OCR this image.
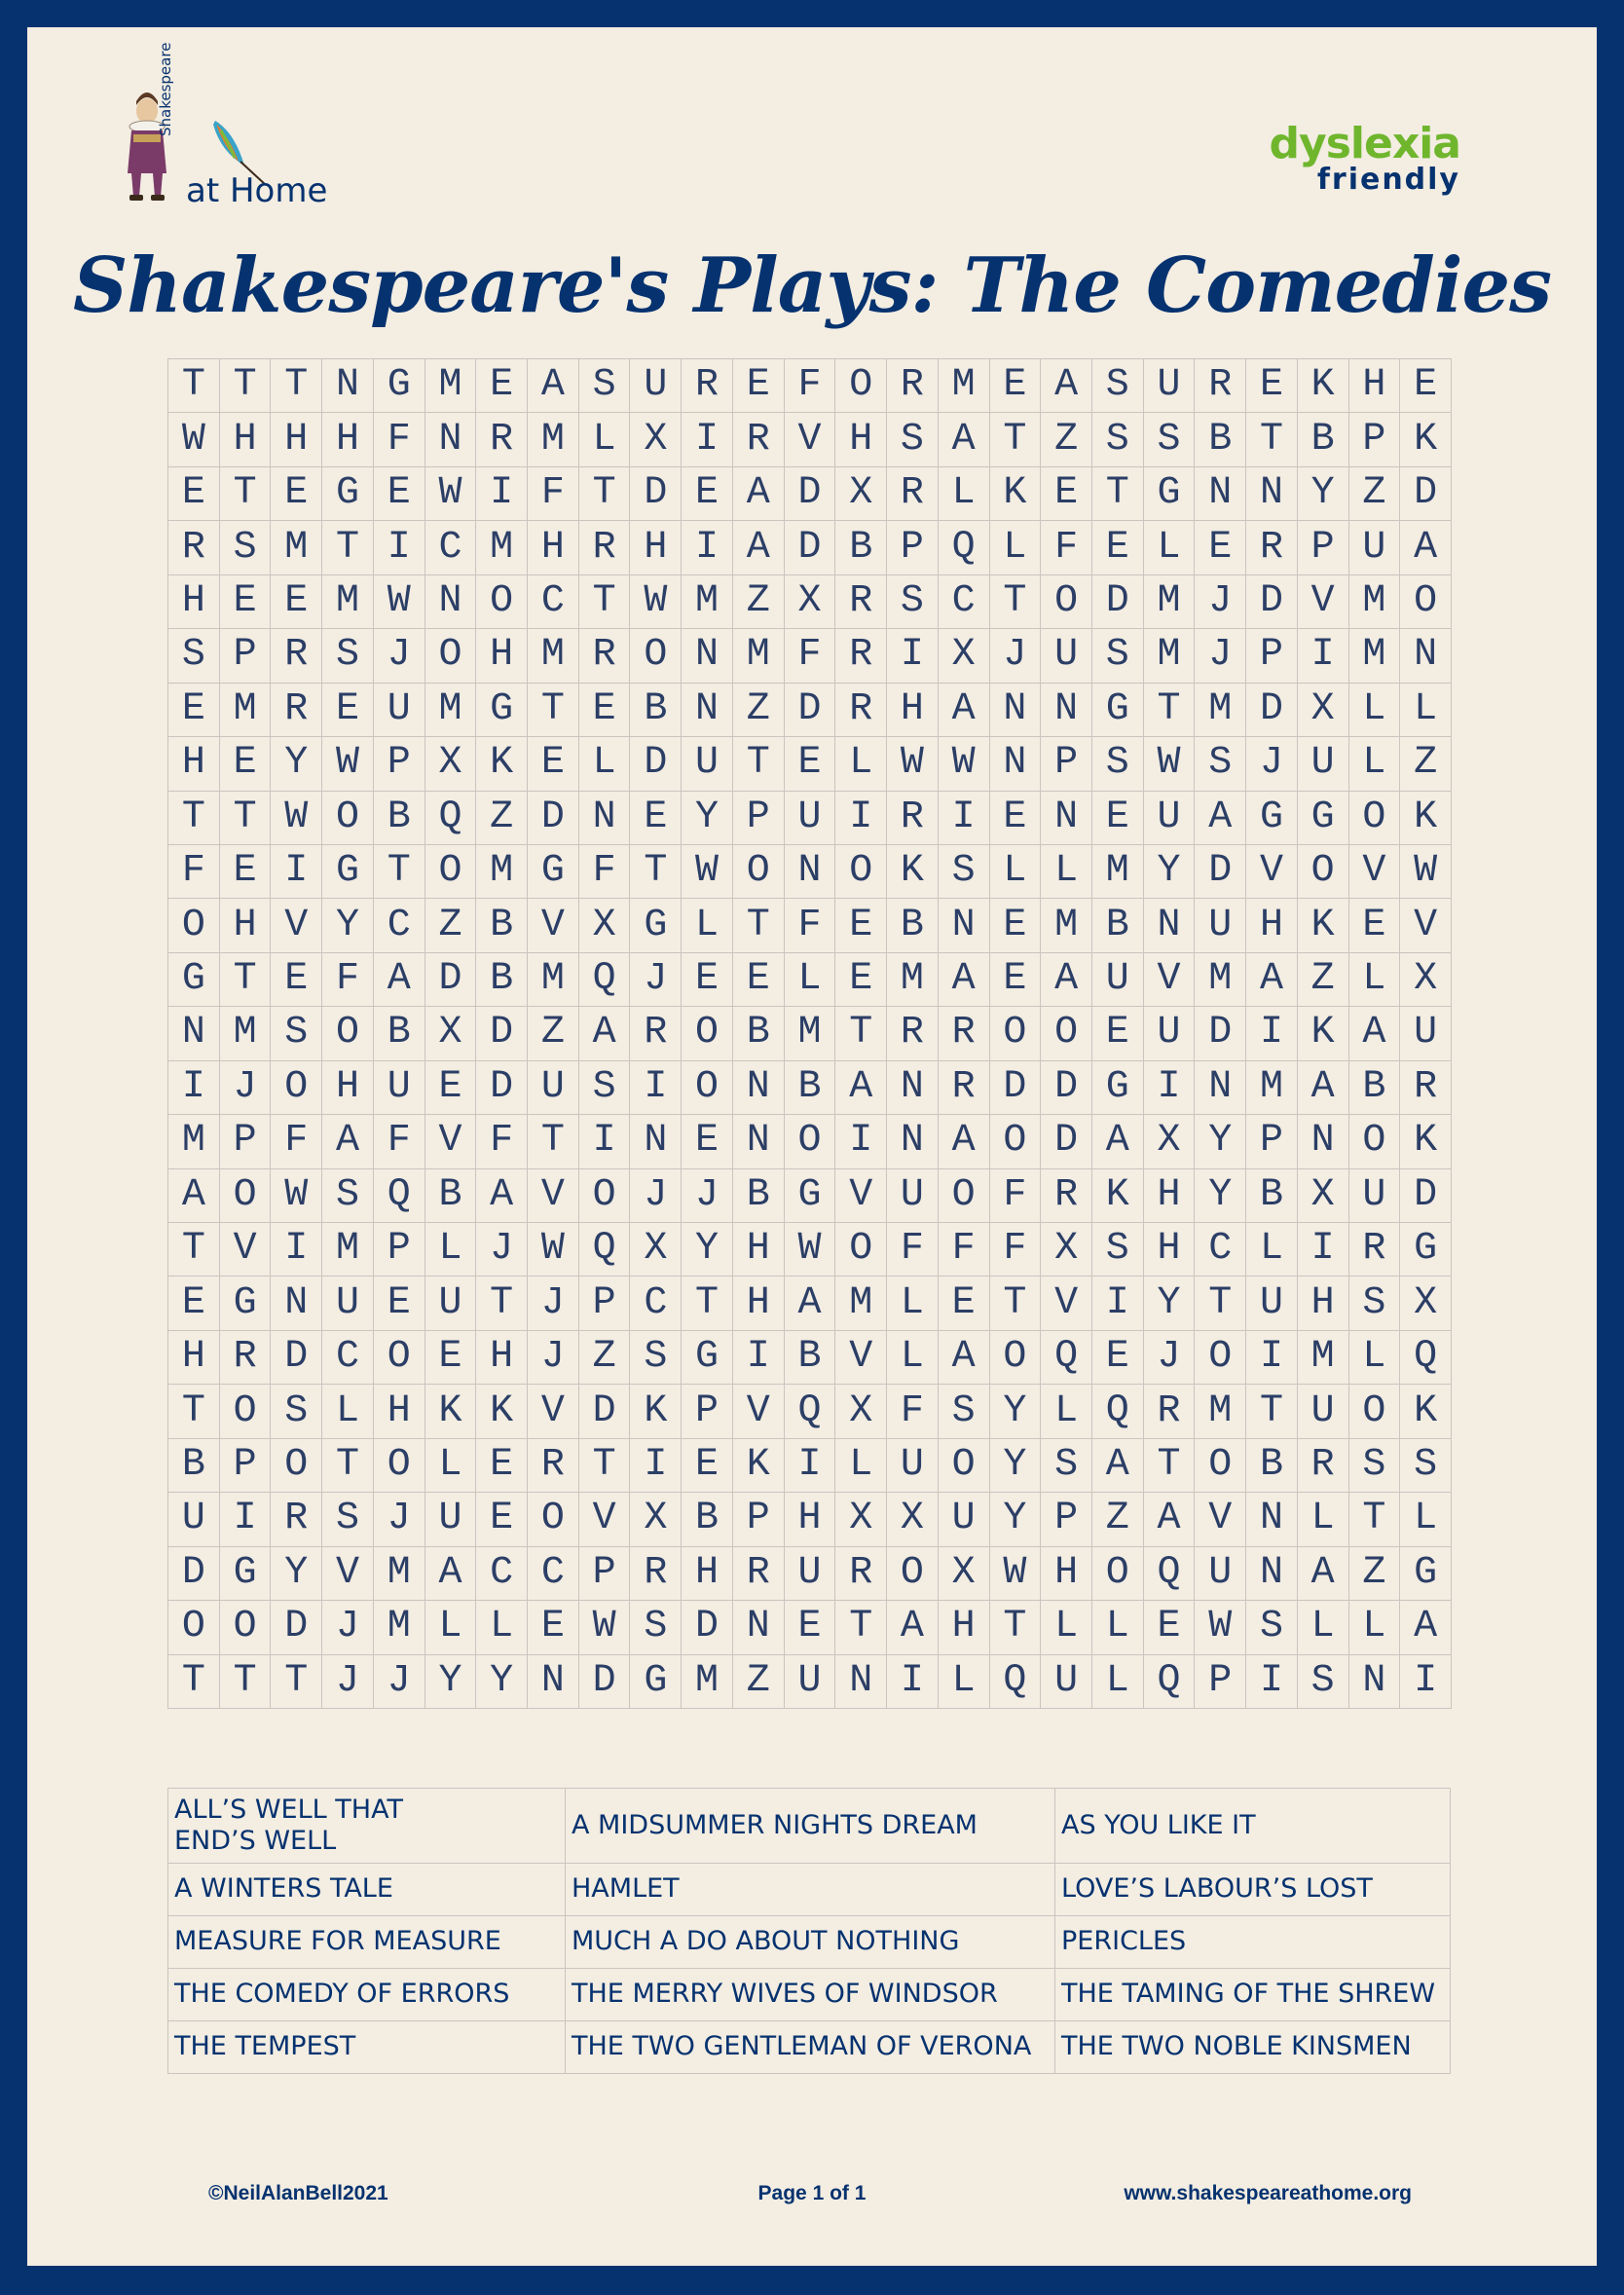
Shakespeare
at Home
dyslexia
friendly
Shakespeare's Plays: The Comedies
T T T N G M E A S U R E F O R M E A S U R E K H E
W H H H F N R M L X I R V H S A T Z S S B T B P K
E T E G E W I F T D E A D X R L K E T G N N Y Z D
R S M T I C M H R H I A D B P Q L F E L E R P U A
H E E M W N O C T W M Z X R S C T O D M J D V M O
S P R S J O H M R O N M F R I X J U S M J P I M N
E M R E U M G T E B N Z D R H A N N G T M D X L L
H E Y W P X K E L D U T E L W W N P S W S J U L Z
T T W O B Q Z D N E Y P U I R I E N E U A G G O K
F E I G T O M G F T W O N O K S L L M Y D V O V W
O H V Y C Z B V X G L T F E B N E M B N U H K E V
G T E F A D B M Q J E E L E M A E A U V M A Z L X
N M S O B X D Z A R O B M T R R O O E U D I K A U
I J O H U E D U S I O N B A N R D D G I N M A B R
M P F A F V F T I N E N O I N A O D A X Y P N O K
A O W S Q B A V O J J B G V U O F R K H Y B X U D
T V I M P L J W Q X Y H W O F F F X S H C L I R G
E G N U E U T J P C T H A M L E T V I Y T U H S X
H R D C O E H J Z S G I B V L A O Q E J O I M L Q
T O S L H K K V D K P V Q X F S Y L Q R M T U O K
B P O T O L E R T I E K I L U O Y S A T O B R S S
U I R S J U E O V X B P H X X U Y P Z A V N L T L
D G Y V M A C C P R H R U R O X W H O Q U N A Z G
O O D J M L L E W S D N E T A H T L L E W S L L A
T T T J J Y Y N D G M Z U N I L Q U L Q P I S N I
ALL’S WELL THAT
END’S WELL	A MIDSUMMER NIGHTS DREAM	AS YOU LIKE IT
A WINTERS TALE	HAMLET	LOVE’S LABOUR’S LOST
MEASURE FOR MEASURE	MUCH A DO ABOUT NOTHING	PERICLES
THE COMEDY OF ERRORS	THE MERRY WIVES OF WINDSOR	THE TAMING OF THE SHREW
THE TEMPEST	THE TWO GENTLEMAN OF VERONA	THE TWO NOBLE KINSMEN
©NeilAlanBell2021	Page 1 of 1	www.shakespeareathome.org
